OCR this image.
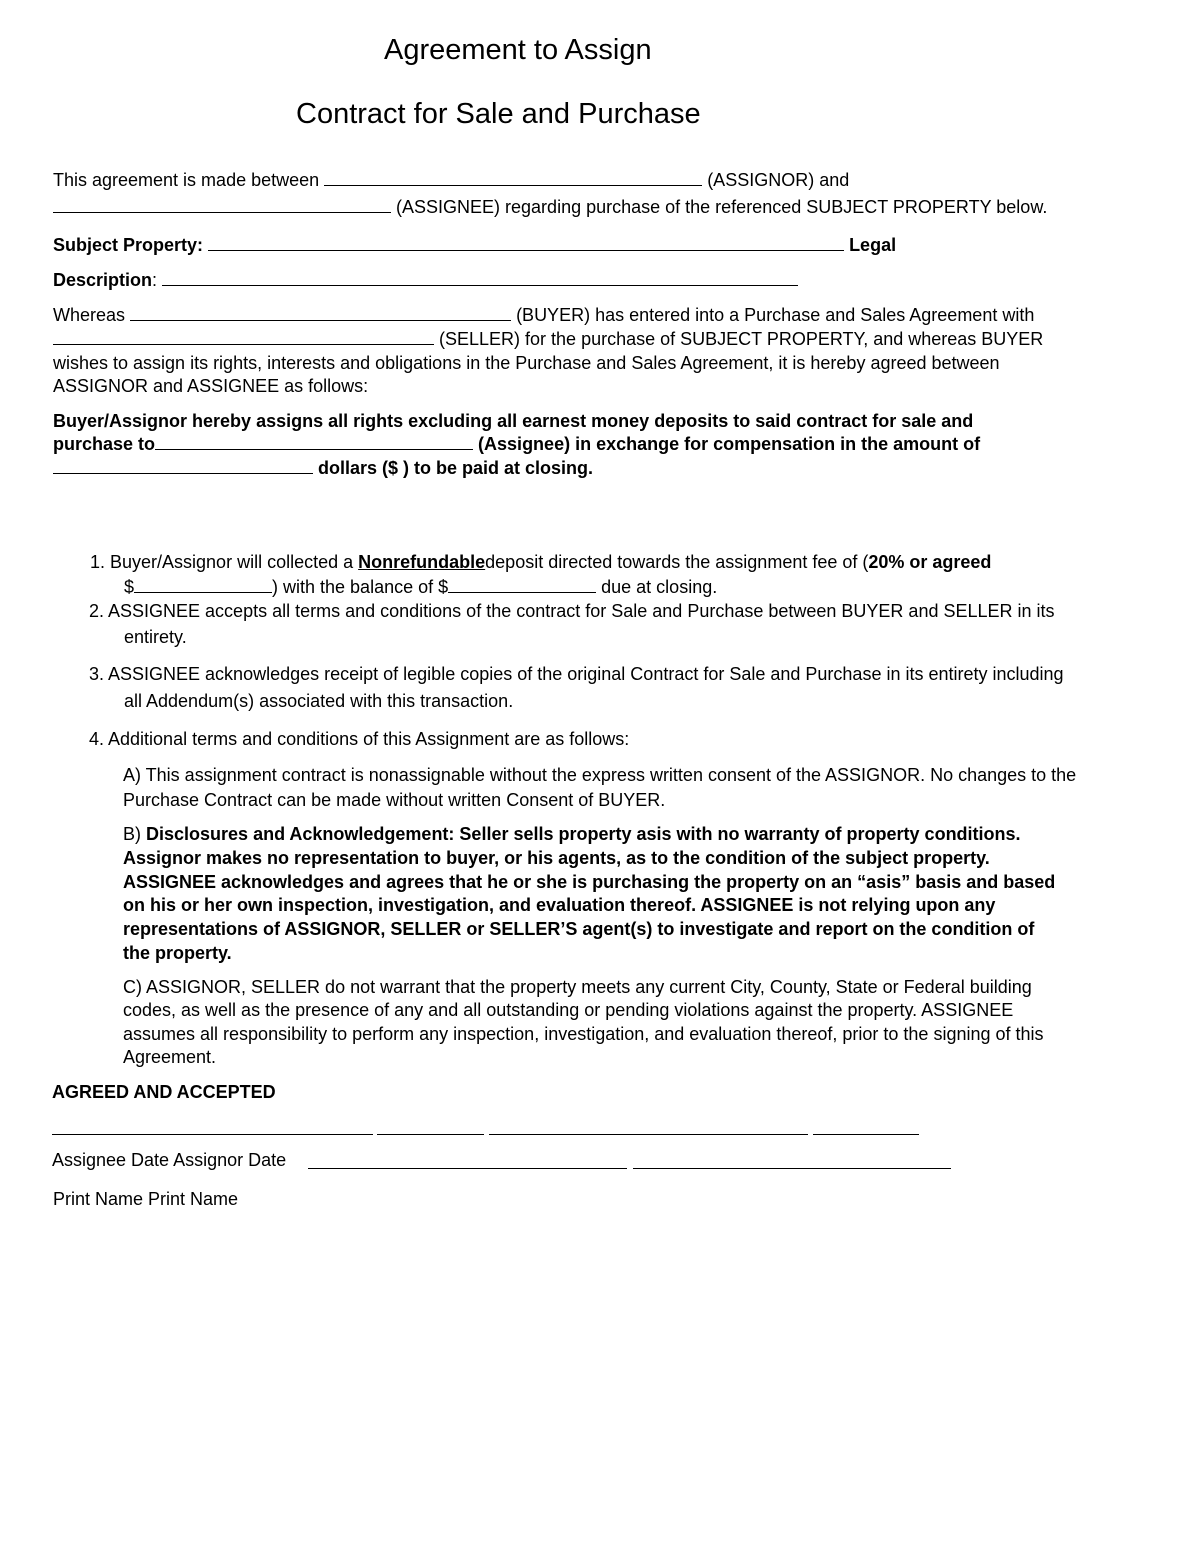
Agreement to Assign
Contract for Sale and Purchase
This agreement is made between	(ASSIGNOR) and
(ASSIGNEE) regarding purchase of the referenced SUBJECT PROPERTY below.
Subject Property:	Legal
Description:
Whereas	(BUYER) has entered into a Purchase and Sales Agreement with
(SELLER) for the purchase of SUBJECT PROPERTY, and whereas BUYER
wishes to assign its rights, interests and obligations in the Purchase and Sales Agreement, it is hereby agreed between
ASSIGNOR and ASSIGNEE as follows:
Buyer/Assignor hereby assigns all rights excluding all earnest money deposits to said contract for sale and
purchase to	(Assignee) in exchange for compensation in the amount of
dollars ($ ) to be paid at closing.
1. Buyer/Assignor will collected a Nonrefundabledeposit directed towards the assignment fee of (20% or agreed
$	) with the balance of $	due at closing.
2. ASSIGNEE accepts all terms and conditions of the contract for Sale and Purchase between BUYER and SELLER in its
entirety.
3. ASSIGNEE acknowledges receipt of legible copies of the original Contract for Sale and Purchase in its entirety including
all Addendum(s) associated with this transaction.
4. Additional terms and conditions of this Assignment are as follows:
A) This assignment contract is nonassignable without the express written consent of the ASSIGNOR. No changes to the
Purchase Contract can be made without written Consent of BUYER.
B) Disclosures and Acknowledgement: Seller sells property asis with no warranty of property conditions.
Assignor makes no representation to buyer, or his agents, as to the condition of the subject property.
ASSIGNEE acknowledges and agrees that he or she is purchasing the property on an “asis” basis and based
on his or her own inspection, investigation, and evaluation thereof. ASSIGNEE is not relying upon any
representations of ASSIGNOR, SELLER or SELLER’S agent(s) to investigate and report on the condition of
the property.
C) ASSIGNOR, SELLER do not warrant that the property meets any current City, County, State or Federal building
codes, as well as the presence of any and all outstanding or pending violations against the property. ASSIGNEE
assumes all responsibility to perform any inspection, investigation, and evaluation thereof, prior to the signing of this
Agreement.
AGREED AND ACCEPTED
Assignee Date Assignor Date
Print Name Print Name
